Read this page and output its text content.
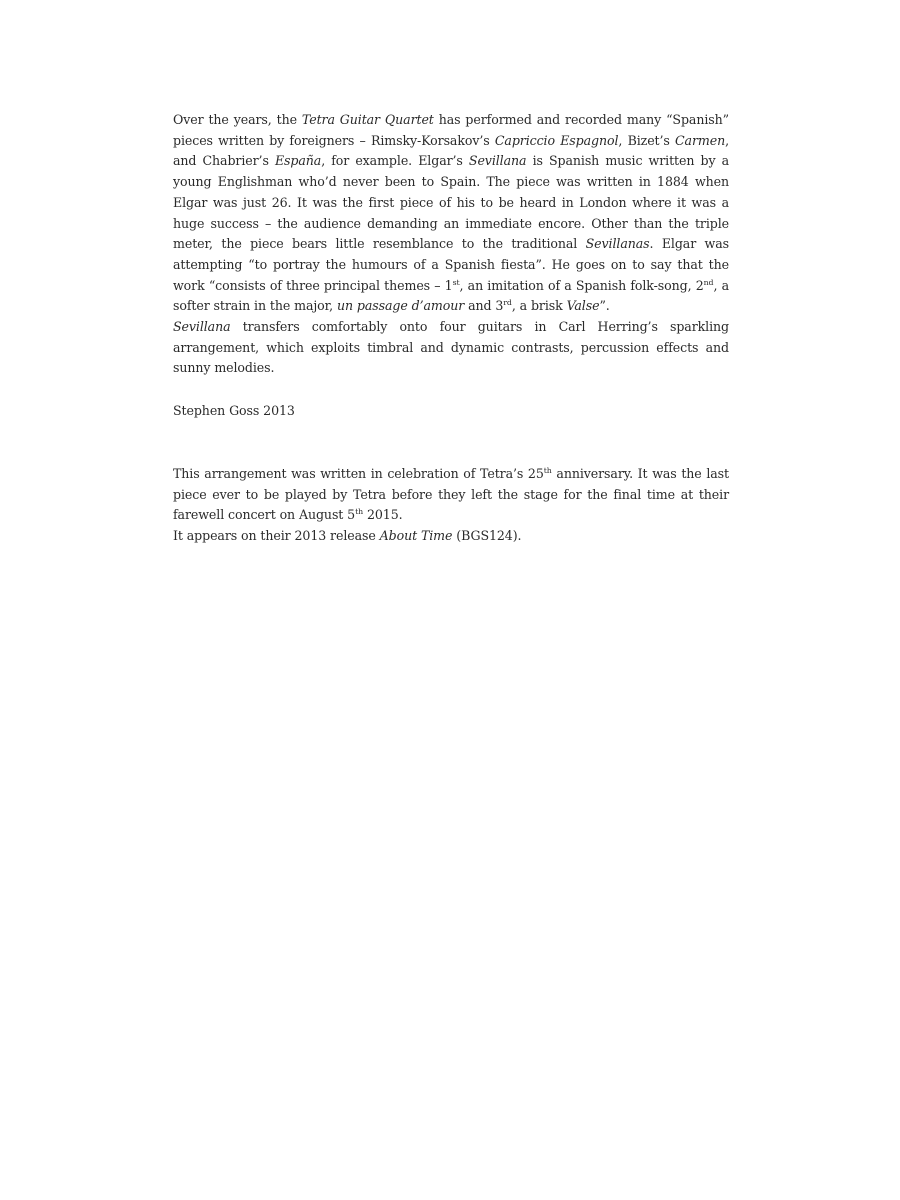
Over the years, the Tetra Guitar Quartet has performed and recorded many “Spanish” pieces written by foreigners – Rimsky-Korsakov’s Capriccio Espagnol, Bizet’s Carmen, and Chabrier’s España, for example. Elgar’s Sevillana is Spanish music written by a young Englishman who’d never been to Spain. The piece was written in 1884 when Elgar was just 26. It was the first piece of his to be heard in London where it was a huge success – the audience demanding an immediate encore. Other than the triple meter, the piece bears little resemblance to the traditional Sevillanas. Elgar was attempting “to portray the humours of a Spanish fiesta”. He goes on to say that the work “consists of three principal themes – 1st, an imitation of a Spanish folk-song, 2nd, a softer strain in the major, un passage d’amour and 3rd, a brisk Valse”.

Sevillana transfers comfortably onto four guitars in Carl Herring’s sparkling arrangement, which exploits timbral and dynamic contrasts, percussion effects and sunny melodies.

Stephen Goss 2013

This arrangement was written in celebration of Tetra’s 25th anniversary. It was the last piece ever to be played by Tetra before they left the stage for the final time at their farewell concert on August 5th 2015.

It appears on their 2013 release About Time (BGS124).
